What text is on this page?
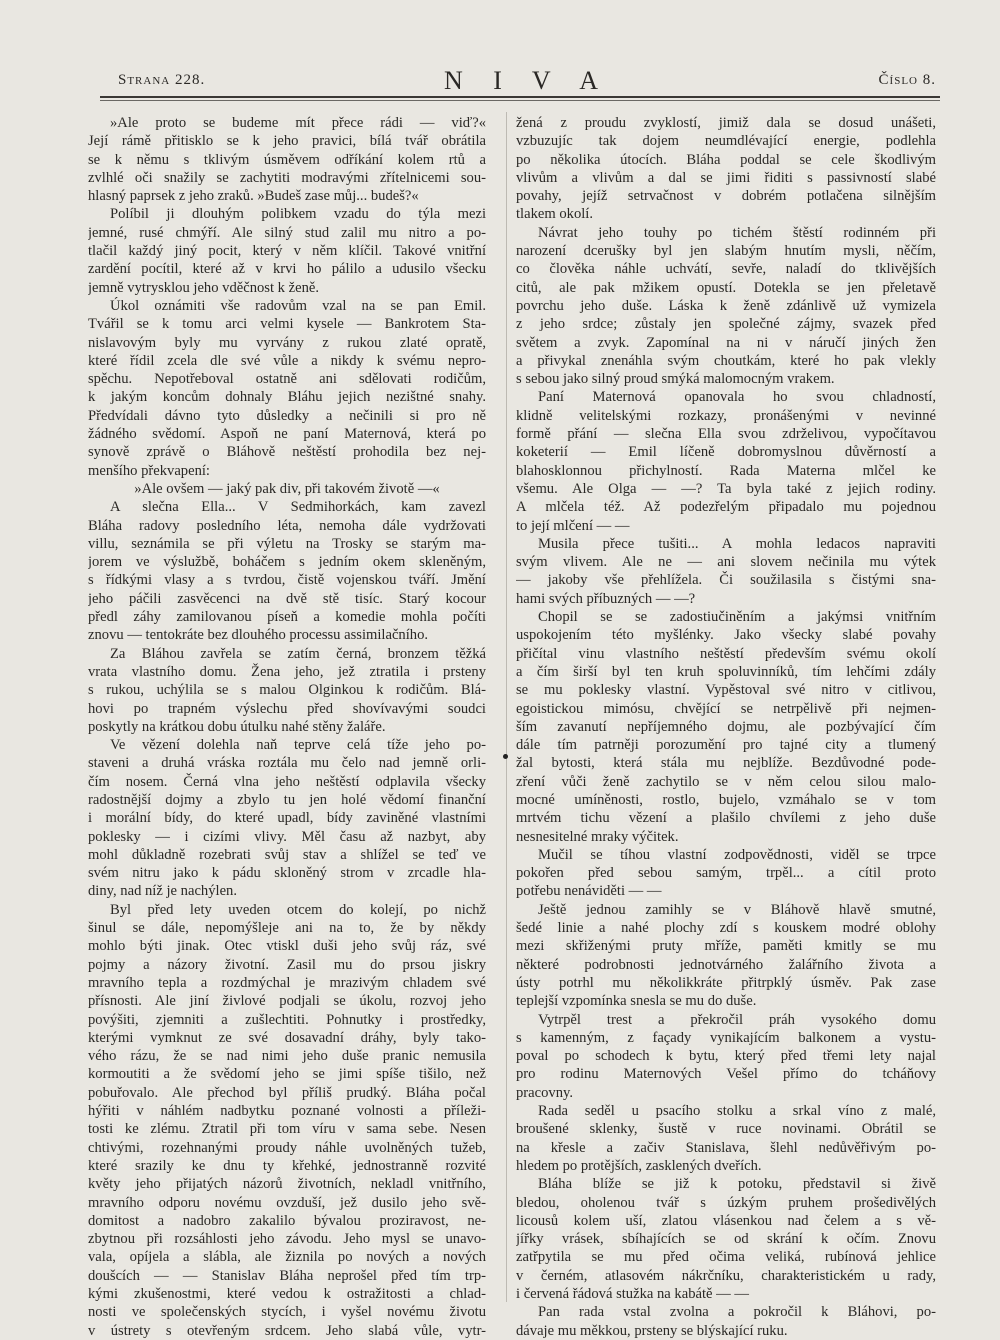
Strana 228.	N I V A	Číslo 8.
»Ale proto se budeme mít přece rádi — viď?«
Její rámě přitisklo se k jeho pravici, bílá tvář obrátila
se k němu s tklivým úsměvem odříkání kolem rtů a
zvlhlé oči snažily se zachytiti modravými zřítelnicemi sou-
hlasný paprsek z jeho zraků. »Budeš zase můj... budeš?«
Políbil ji dlouhým polibkem vzadu do týla mezi
jemné, rusé chmýří. Ale silný stud zalil mu nitro a po-
tlačil každý jiný pocit, který v něm klíčil. Takové vnitřní
zardění pocítil, které až v krvi ho pálilo a udusilo všecku
jemně vytrysklou jeho vděčnost k ženě.
Úkol oznámiti vše radovům vzal na se pan Emil.
Tvářil se k tomu arci velmi kysele — Bankrotem Sta-
nislavovým byly mu vyrvány z rukou zlaté opratě,
které řídil zcela dle své vůle a nikdy k svému nepro-
spěchu. Nepotřeboval ostatně ani sdělovati rodičům,
k jakým koncům dohnaly Bláhu jejich nezištné snahy.
Předvídali dávno tyto důsledky a nečinili si pro ně
žádného svědomí. Aspoň ne paní Maternová, která po
synově zprávě o Bláhově neštěstí prohodila bez nej-
menšího překvapení:
»Ale ovšem — jaký pak div, při takovém životě —«
A slečna Ella... V Sedmihorkách, kam zavezl
Bláha radovy posledního léta, nemoha dále vydržovati
villu, seznámila se při výletu na Trosky se starým ma-
jorem ve výslužbě, boháčem s jedním okem skleněným,
s řídkými vlasy a s tvrdou, čistě vojenskou tváří. Jmění
jeho páčili zasvěcenci na dvě stě tisíc. Starý kocour
předl záhy zamilovanou píseň a komedie mohla počíti
znovu — tentokráte bez dlouhého processu assimilačního.
Za Bláhou zavřela se zatím černá, bronzem těžká
vrata vlastního domu. Žena jeho, jež ztratila i prsteny
s rukou, uchýlila se s malou Olginkou k rodičům. Blá-
hovi po trapném výslechu před shovívavými soudci
poskytly na krátkou dobu útulku nahé stěny žaláře.
Ve vězení dolehla naň teprve celá tíže jeho po-
staveni a druhá vráska roztála mu čelo nad jemně orli-
čím nosem. Černá vlna jeho neštěstí odplavila všecky
radostnější dojmy a zbylo tu jen holé vědomí finanční
i morální bídy, do které upadl, bídy zaviněné vlastními
poklesky — i cizími vlivy. Měl času až nazbyt, aby
mohl důkladně rozebrati svůj stav a shlížel se teď ve
svém nitru jako k pádu skloněný strom v zrcadle hla-
diny, nad níž je nachýlen.
Byl před lety uveden otcem do kolejí, po nichž
šinul se dále, nepomýšleje ani na to, že by někdy
mohlo býti jinak. Otec vtiskl duši jeho svůj ráz, své
pojmy a názory životní. Zasil mu do prsou jiskry
mravního tepla a rozdmýchal je mrazivým chladem své
přísnosti. Ale jiní živlové podjali se úkolu, rozvoj jeho
povýšiti, zjemniti a zušlechtiti. Pohnutky i prostředky,
kterými vymknut ze své dosavadní dráhy, byly tako-
vého rázu, že se nad nimi jeho duše pranic nemusila
kormoutiti a že svědomí jeho se jimi spíše tišilo, než
pobuřovalo. Ale přechod byl příliš prudký. Bláha počal
hýřiti v náhlém nadbytku poznané volnosti a příleži-
tosti ke zlému. Ztratil při tom víru v sama sebe. Nesen
chtivými, rozehnanými proudy náhle uvolněných tužeb,
které srazily ke dnu ty křehké, jednostranně rozvité
květy jeho přijatých názorů životních, nekladl vnitřního,
mravního odporu novému ovzduší, jež dusilo jeho svě-
domitost a nadobro zakalilo bývalou proziravost, ne-
zbytnou při rozsáhlosti jeho závodu. Jeho mysl se unavo-
vala, opíjela a slábla, ale žiznila po nových a nových
doušcích — — Stanislav Bláha neprošel před tím trp-
kými zkušenostmi, které vedou k ostražitosti a chlad-
nosti ve společenských stycích, i vyšel novému životu
v ústrety s otevřeným srdcem. Jeho slabá vůle, vytr-
žená z proudu zvyklostí, jimiž dala se dosud unášeti,
vzbuzujíc tak dojem neumdlévající energie, podlehla
po několika útocích. Bláha poddal se cele škodlivým
vlivům a vlivům a dal se jimi řiditi s passivností slabé
povahy, jejíž setrvačnost v dobrém potlačena silnějším
tlakem okolí.
Návrat jeho touhy po tichém štěstí rodinném při
narození dcerušky byl jen slabým hnutím mysli, něčím,
co člověka náhle uchvátí, sevře, naladí do tklivějších
citů, ale pak mžikem opustí. Dotekla se jen přeletavě
povrchu jeho duše. Láska k ženě zdánlivě už vymizela
z jeho srdce; zůstaly jen společné zájmy, svazek před
světem a zvyk. Zapomínal na ni v náručí jiných žen
a přivykal znenáhla svým choutkám, které ho pak vlekly
s sebou jako silný proud smýká malomocným vrakem.
Paní Maternová opanovala ho svou chladností,
klidně velitelskými rozkazy, pronášenými v nevinné
formě přání — slečna Ella svou zdrželivou, vypočítavou
koketerií — Emil líčeně dobromyslnou důvěrností a
blahosklonnou přichylností. Rada Materna mlčel ke
všemu. Ale Olga — —? Ta byla také z jejich rodiny.
A mlčela též. Až podezřelým připadalo mu pojednou
to její mlčení — —
Musila přece tušiti... A mohla ledacos napraviti
svým vlivem. Ale ne — ani slovem nečinila mu výtek
— jakoby vše přehlížela. Či soužilasila s čistými sna-
hami svých příbuzných — —?
Chopil se se zadostiučiněním a jakýmsi vnitřním
uspokojením této myšlénky. Jako všecky slabé povahy
přičítal vinu vlastního neštěstí především svému okolí
a čím širší byl ten kruh spoluvinníků, tím lehčími zdály
se mu poklesky vlastní. Vypěstoval své nitro v citlivou,
egoistickou mimósu, chvějící se netrpělivě při nejmen-
ším zavanutí nepříjemného dojmu, ale pozbývající čím
dále tím patrněji porozumění pro tajné city a tlumený
žal bytosti, která stála mu nejblíže. Bezdůvodné pode-
zření vůči ženě zachytilo se v něm celou silou malo-
mocné umíněnosti, rostlo, bujelo, vzmáhalo se v tom
mrtvém tichu vězení a plašilo chvílemi z jeho duše
nesnesitelné mraky výčitek.
Mučil se tíhou vlastní zodpovědnosti, viděl se trpce
pokořen před sebou samým, trpěl... a cítil proto
potřebu nenáviděti — —
Ještě jednou zamihly se v Bláhově hlavě smutné,
šedé linie a nahé plochy zdí s kouskem modré oblohy
mezi skřiženými pruty mříže, paměti kmitly se mu
některé podrobnosti jednotvárného žalářního života a
ústy potrhl mu několikkráte přitrpklý úsměv. Pak zase
teplejší vzpomínka snesla se mu do duše.
Vytrpěl trest a překročil práh vysokého domu
s kamenným, z façady vynikajícím balkonem a vystu-
poval po schodech k bytu, který před třemi lety najal
pro rodinu Maternových Vešel přímo do tcháňovy
pracovny.
Rada seděl u psacího stolku a srkal víno z malé,
broušené sklenky, šustě v ruce novinami. Obrátil se
na křesle a začiv Stanislava, šlehl nedůvěřivým po-
hledem po protějších, zasklených dveřích.
Bláha blíže se již k potoku, představil si živě
bledou, oholenou tvář s úzkým pruhem prošedivělých
licousů kolem uší, zlatou vlásenkou nad čelem a s vě-
jířky vrásek, sbíhajících se od skrání k očím. Znovu
zatřpytila se mu před očima veliká, rubínová jehlice
v černém, atlasovém nákrčníku, charakteristickém u rady,
i červená řádová stužka na kabátě — —
Pan rada vstal zvolna a pokročil k Bláhovi, po-
dávaje mu měkkou, prsteny se blýskající ruku.
